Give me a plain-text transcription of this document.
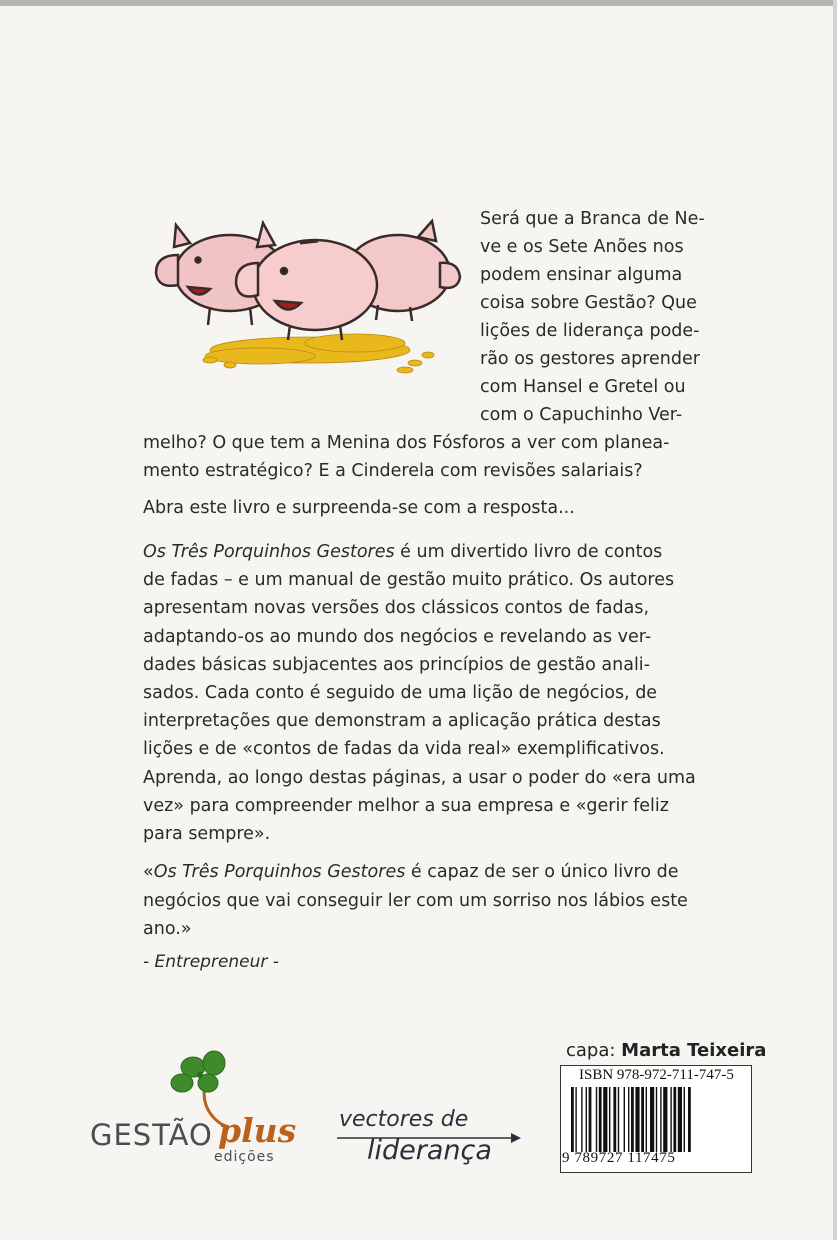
Será que a Branca de Ne-
ve e os Sete Anões nos
podem ensinar alguma
coisa sobre Gestão? Que
lições de liderança pode-
rão os gestores aprender
com Hansel e Gretel ou
com o Capuchinho Ver-
melho? O que tem a Menina dos Fósforos a ver com planea-
mento estratégico? E a Cinderela com revisões salariais?
Abra este livro e surpreenda-se com a resposta...
Os Três Porquinhos Gestores é um divertido livro de contos
de fadas – e um manual de gestão muito prático. Os autores
apresentam novas versões dos clássicos contos de fadas,
adaptando-os ao mundo dos negócios e revelando as ver-
dades básicas subjacentes aos princípios de gestão anali-
sados. Cada conto é seguido de uma lição de negócios, de
interpretações que demonstram a aplicação prática destas
lições e de «contos de fadas da vida real» exemplificativos.
Aprenda, ao longo destas páginas, a usar o poder do «era uma
vez» para compreender melhor a sua empresa e «gerir feliz
para sempre».
«Os Três Porquinhos Gestores é capaz de ser o único livro de
negócios que vai conseguir ler com um sorriso nos lábios este
ano.»
- Entrepreneur -
GESTÃO plus
edições
vectores de
liderança
capa: Marta Teixeira
ISBN 978-972-711-747-5
9 789727 117475
